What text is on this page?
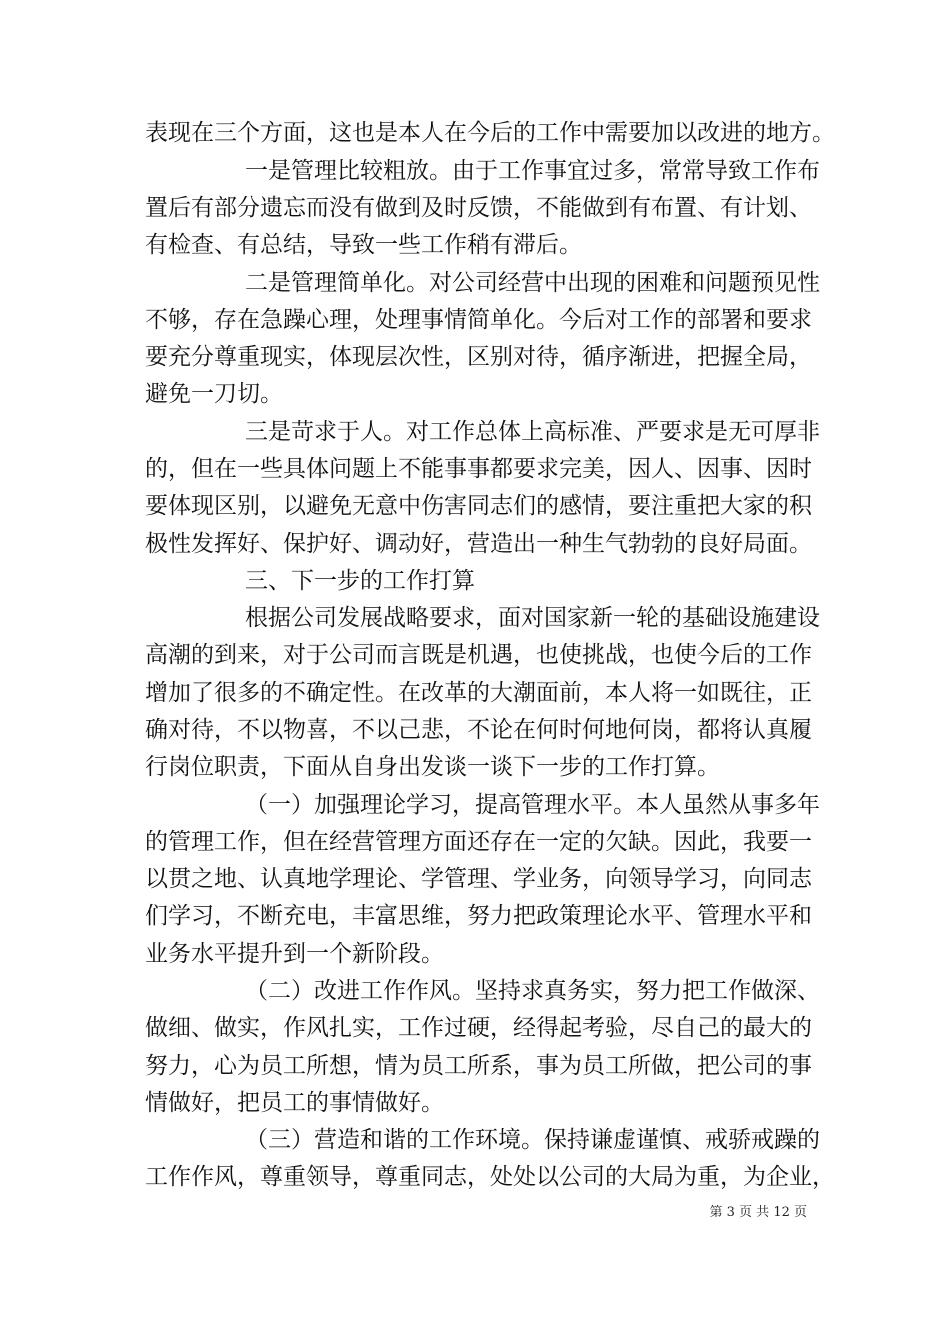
表现在三个方面，这也是本人在今后的工作中需要加以改进的地方。
一是管理比较粗放。由于工作事宜过多，常常导致工作布
置后有部分遗忘而没有做到及时反馈，不能做到有布置、有计划、
有检查、有总结，导致一些工作稍有滞后。
二是管理简单化。对公司经营中出现的困难和问题预见性
不够，存在急躁心理，处理事情简单化。今后对工作的部署和要求
要充分尊重现实，体现层次性，区别对待，循序渐进，把握全局，
避免一刀切。
三是苛求于人。对工作总体上高标准、严要求是无可厚非
的，但在一些具体问题上不能事事都要求完美，因人、因事、因时
要体现区别，以避免无意中伤害同志们的感情，要注重把大家的积
极性发挥好、保护好、调动好，营造出一种生气勃勃的良好局面。
三、下一步的工作打算
根据公司发展战略要求，面对国家新一轮的基础设施建设
高潮的到来，对于公司而言既是机遇，也使挑战，也使今后的工作
增加了很多的不确定性。在改革的大潮面前，本人将一如既往，正
确对待，不以物喜，不以己悲，不论在何时何地何岗，都将认真履
行岗位职责，下面从自身出发谈一谈下一步的工作打算。
（一）加强理论学习，提高管理水平。本人虽然从事多年
的管理工作，但在经营管理方面还存在一定的欠缺。因此，我要一
以贯之地、认真地学理论、学管理、学业务，向领导学习，向同志
们学习，不断充电，丰富思维，努力把政策理论水平、管理水平和
业务水平提升到一个新阶段。
（二）改进工作作风。坚持求真务实，努力把工作做深、
做细、做实，作风扎实，工作过硬，经得起考验，尽自己的最大的
努力，心为员工所想，情为员工所系，事为员工所做，把公司的事
情做好，把员工的事情做好。
（三）营造和谐的工作环境。保持谦虚谨慎、戒骄戒躁的
工作作风，尊重领导，尊重同志，处处以公司的大局为重，为企业，
第 3 页 共 12 页
